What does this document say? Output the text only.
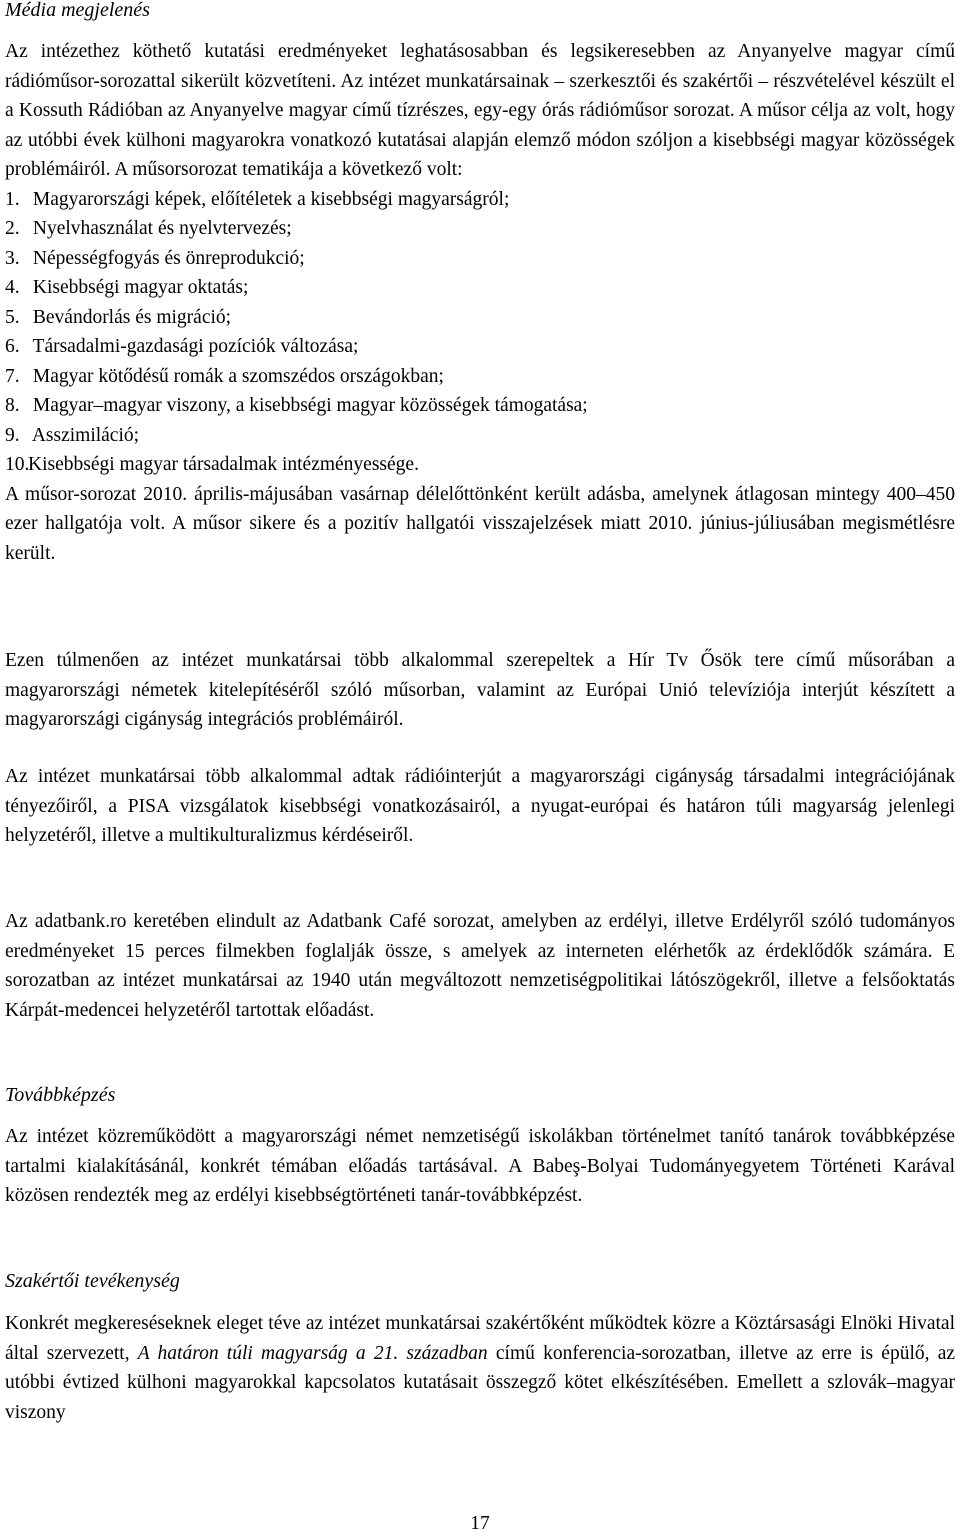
Média megjelenés

Az intézethez köthető kutatási eredményeket leghatásosabban és legsikeresebben az Anyanyelve magyar című rádióműsor-sorozattal sikerült közvetíteni. Az intézet munkatársainak – szerkesztői és szakértői – részvételével készült el a Kossuth Rádióban az Anyanyelve magyar című tízrészes, egy-egy órás rádióműsor sorozat. A műsor célja az volt, hogy az utóbbi évek külhoni magyarokra vonatkozó kutatásai alapján elemző módon szóljon a kisebbségi magyar közösségek problémáiról. A műsorsorozat tematikája a következő volt:

1. Magyarországi képek, előítéletek a kisebbségi magyarságról;
2. Nyelvhasználat és nyelvtervezés;
3. Népességfogyás és önreprodukció;
4. Kisebbségi magyar oktatás;
5. Bevándorlás és migráció;
6. Társadalmi-gazdasági pozíciók változása;
7. Magyar kötődésű romák a szomszédos országokban;
8. Magyar–magyar viszony, a kisebbségi magyar közösségek támogatása;
9. Asszimiláció;
10.Kisebbségi magyar társadalmak intézményessége.

A műsor-sorozat 2010. április-májusában vasárnap délelőttönként került adásba, amelynek átlagosan mintegy 400–450 ezer hallgatója volt. A műsor sikere és a pozitív hallgatói visszajelzések miatt 2010. június-júliusában megismétlésre került.

Ezen túlmenően az intézet munkatársai több alkalommal szerepeltek a Hír Tv Ősök tere című műsorában a magyarországi németek kitelepítéséről szóló műsorban, valamint az Európai Unió televíziója interjút készített a magyarországi cigányság integrációs problémáiról.

Az intézet munkatársai több alkalommal adtak rádióinterjút a magyarországi cigányság társadalmi integrációjának tényezőiről, a PISA vizsgálatok kisebbségi vonatkozásairól, a nyugat-európai és határon túli magyarság jelenlegi helyzetéről, illetve a multikulturalizmus kérdéseiről.

Az adatbank.ro keretében elindult az Adatbank Café sorozat, amelyben az erdélyi, illetve Erdélyről szóló tudományos eredményeket 15 perces filmekben foglalják össze, s amelyek az interneten elérhetők az érdeklődők számára. E sorozatban az intézet munkatársai az 1940 után megváltozott nemzetiségpolitikai látószögekről, illetve a felsőoktatás Kárpát-medencei helyzetéről tartottak előadást.

Továbbképzés

Az intézet közreműködött a magyarországi német nemzetiségű iskolákban történelmet tanító tanárok továbbképzése tartalmi kialakításánál, konkrét témában előadás tartásával. A Babeş-Bolyai Tudományegyetem Történeti Karával közösen rendezték meg az erdélyi kisebbségtörténeti tanár-továbbképzést.

Szakértői tevékenység

Konkrét megkereséseknek eleget téve az intézet munkatársai szakértőként működtek közre a Köztársasági Elnöki Hivatal által szervezett, A határon túli magyarság a 21. században című konferencia-sorozatban, illetve az erre is épülő, az utóbbi évtized külhoni magyarokkal kapcsolatos kutatásait összegző kötet elkészítésében. Emellett a szlovák–magyar viszony

17
